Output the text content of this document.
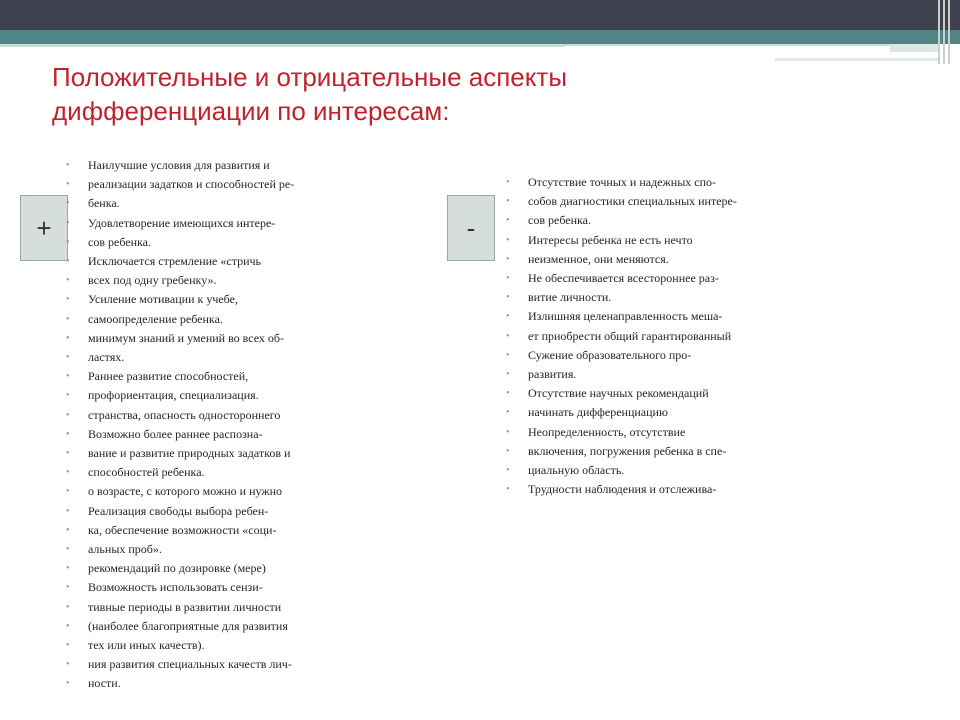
Положительные и отрицательные аспекты
дифференциации по интересам:
+	-
• Наилучшие условия для развития и
• реализации задатков и способностей ре-
• бенка.
• Удовлетворение имеющихся интере-
• сов ребенка.
• Исключается стремление «стричь
• всех под одну гребенку».
• Усиление мотивации к учебе,
• самоопределение ребенка.
• минимум знаний и умений во всех об-
• ластях.
• Раннее развитие способностей,
• профориентация, специализация.
• странства, опасность одностороннего
• Возможно более раннее распозна-
• вание и развитие природных задатков и
• способностей ребенка.
• о возрасте, с которого можно и нужно
• Реализация свободы выбора ребен-
• ка, обеспечение возможности «соци-
• альных проб».
• рекомендаций по дозировке (мере)
• Возможность использовать сензи-
• тивные периоды в развитии личности
• (наиболее благоприятные для развития
• тех или иных качеств).
• ния развития специальных качеств лич-
• ности.
• Отсутствие точных и надежных спо-
• собов диагностики специальных интере-
• сов ребенка.
• Интересы ребенка не есть нечто
• неизменное, они меняются.
• Не обеспечивается всестороннее раз-
• витие личности.
• Излишняя целенаправленность меша-
• ет приобрести общий гарантированный
• Сужение образовательного про-
• развития.
• Отсутствие научных рекомендаций
• начинать дифференциацию
• Неопределенность, отсутствие
• включения, погружения ребенка в спе-
• циальную область.
• Трудности наблюдения и отслежива-
